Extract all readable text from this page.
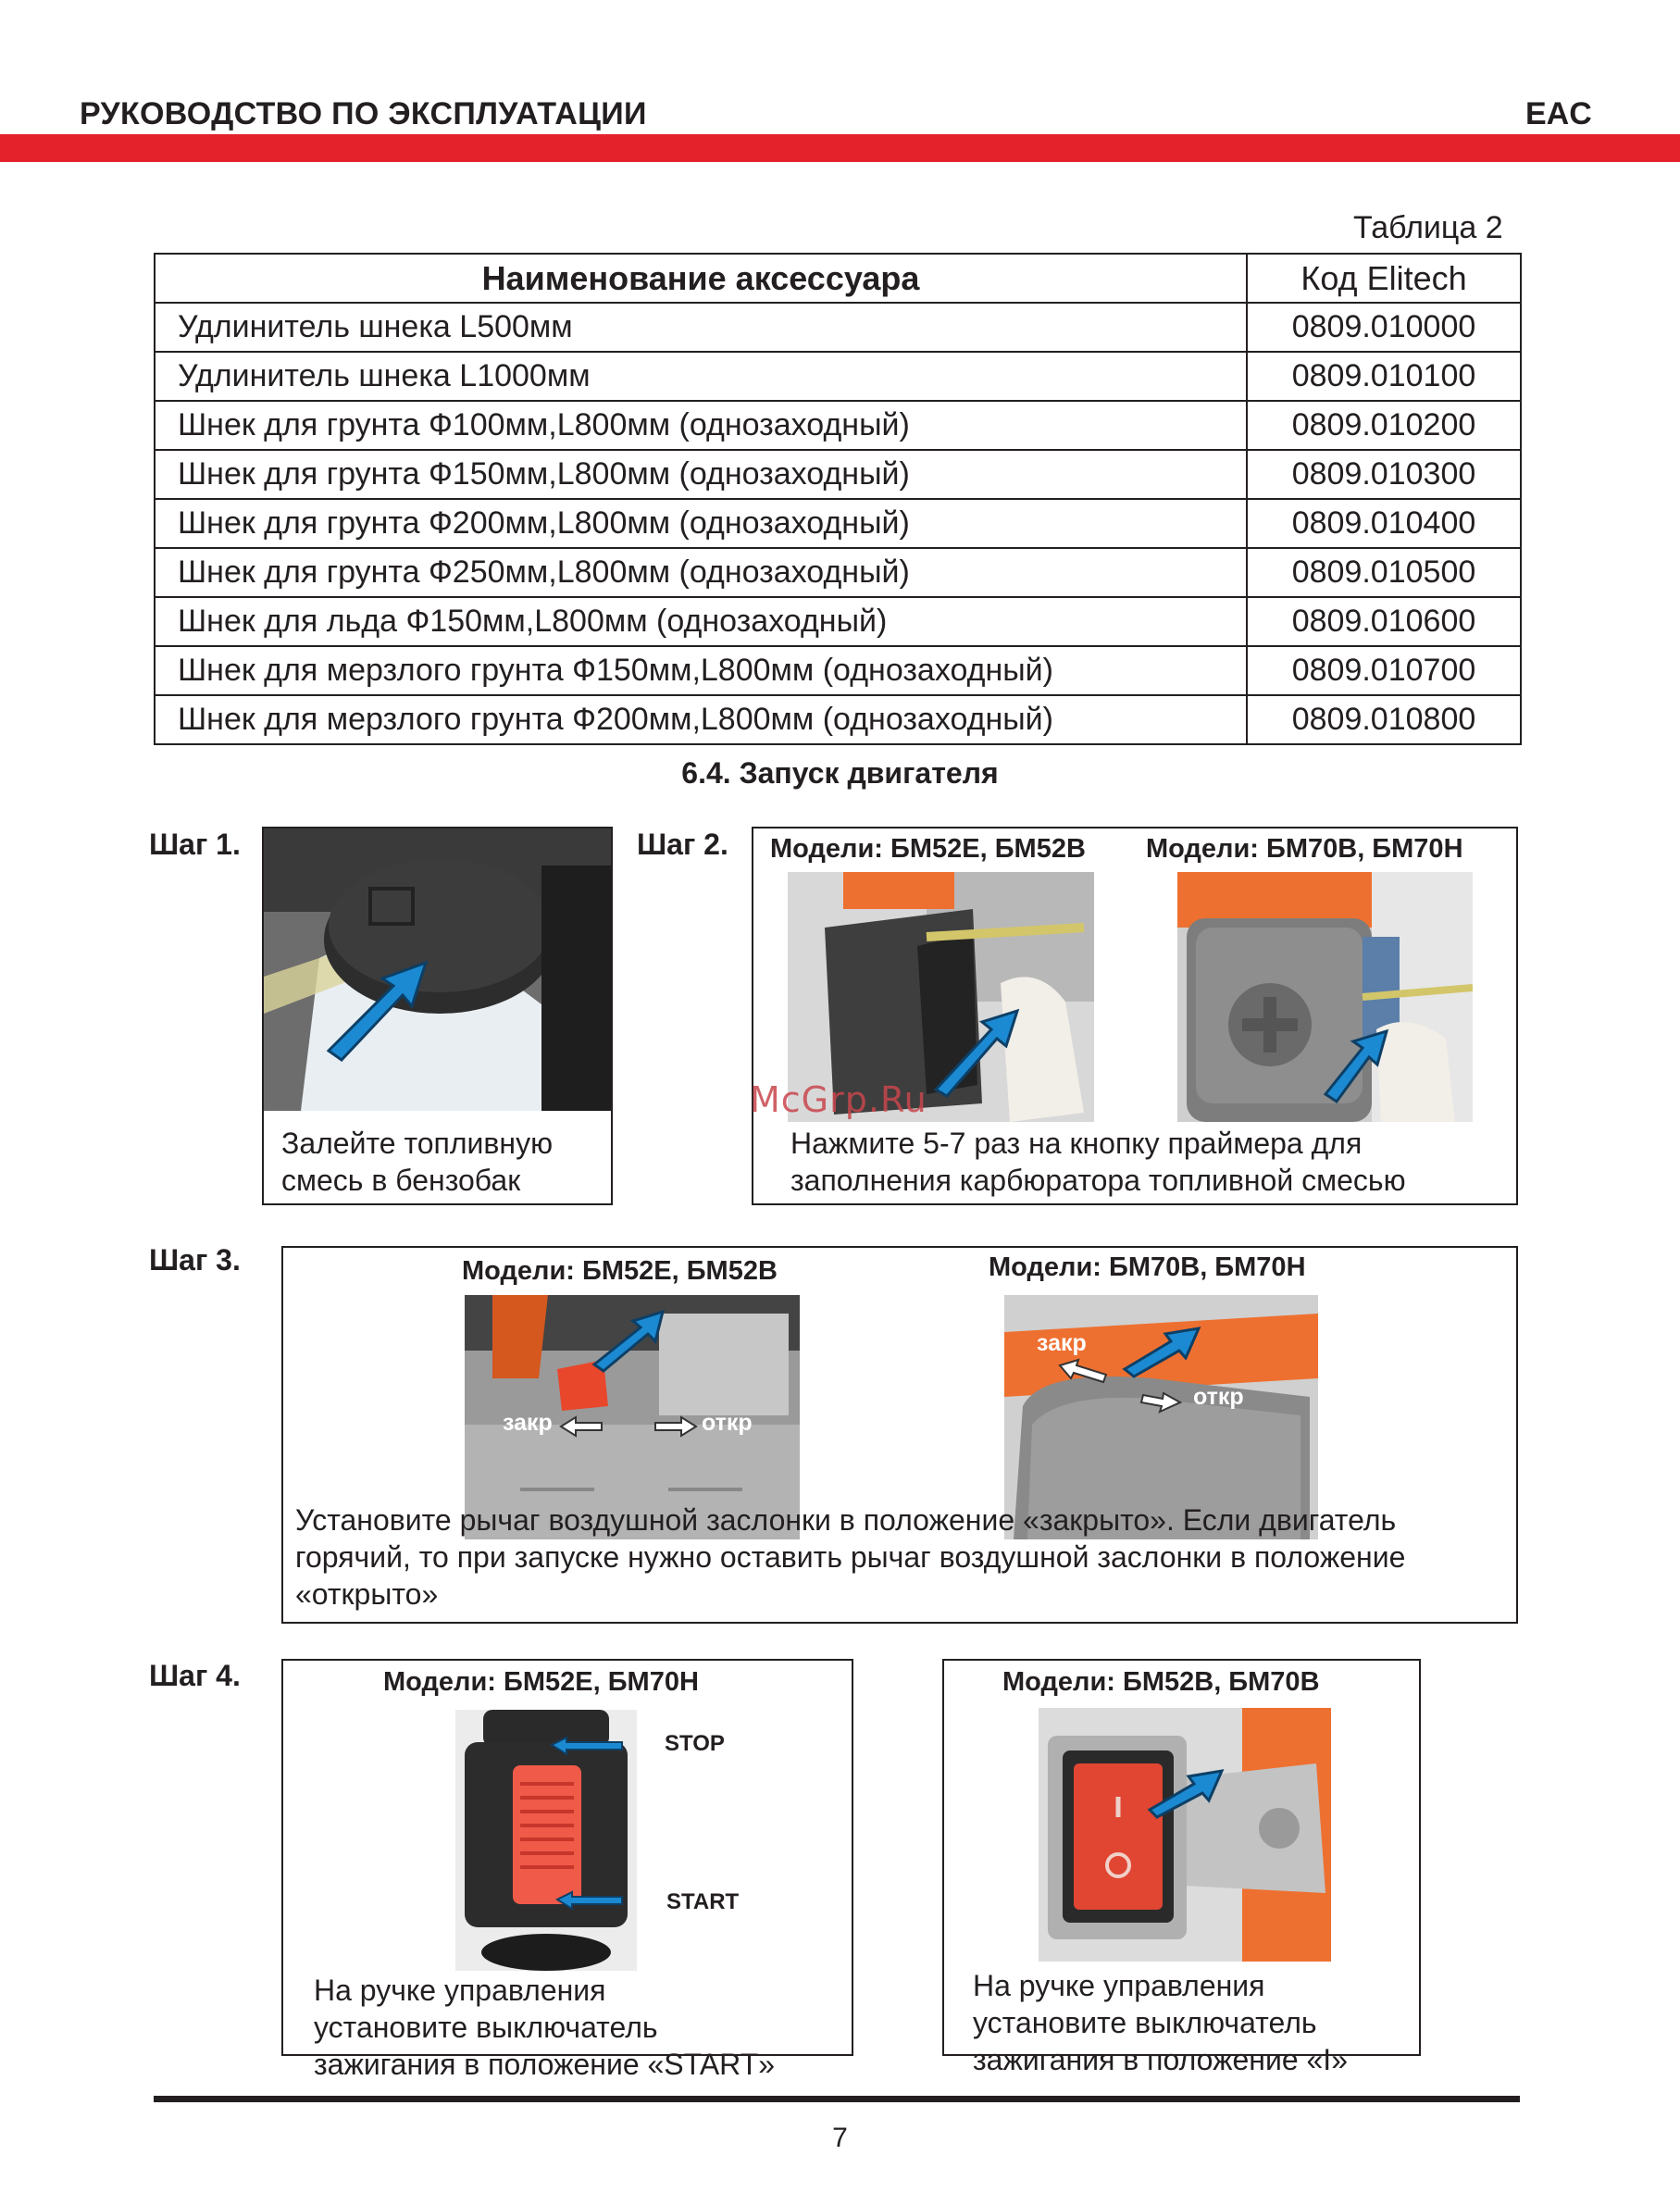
РУКОВОДСТВО ПО ЭКСПЛУАТАЦИИ	EAC
Таблица 2
Наименование аксессуара	Код Elitech
Удлинитель шнека L500мм	0809.010000
Удлинитель шнека L1000мм	0809.010100
Шнек для грунта Ф100мм,L800мм (однозаходный)	0809.010200
Шнек для грунта Ф150мм,L800мм (однозаходный)	0809.010300
Шнек для грунта Ф200мм,L800мм (однозаходный)	0809.010400
Шнек для грунта Ф250мм,L800мм (однозаходный)	0809.010500
Шнек для льда Ф150мм,L800мм (однозаходный)	0809.010600
Шнек для мерзлого грунта Ф150мм,L800мм (однозаходный)	0809.010700
Шнек для мерзлого грунта Ф200мм,L800мм (однозаходный)	0809.010800
6.4. Запуск двигателя
Шаг 1.
Залейте топливную
смесь в бензобак
Шаг 2. Модели: БМ52Е, БМ52В Модели: БМ70В, БМ70Н
Нажмите 5-7 раз на кнопку праймера для
заполнения карбюратора топливной смесью
Шаг 3.	Модели: БМ52Е, БМ52В	Модели: БМ70В, БМ70Н
закр	откр
закр
откр
Установите рычаг воздушной заслонки в положение «закрыто». Если двигатель
горячий, то при запуске нужно оставить рычаг воздушной заслонки в положение
«открыто»
Шаг 4.	Модели: БМ52Е, БМ70Н
STOP
START
На ручке управления
установите выключатель
зажигания в положение «START»
Модели: БМ52В, БМ70В
На ручке управления
установите выключатель
зажигания в положение «I»
McGrp.Ru
7
